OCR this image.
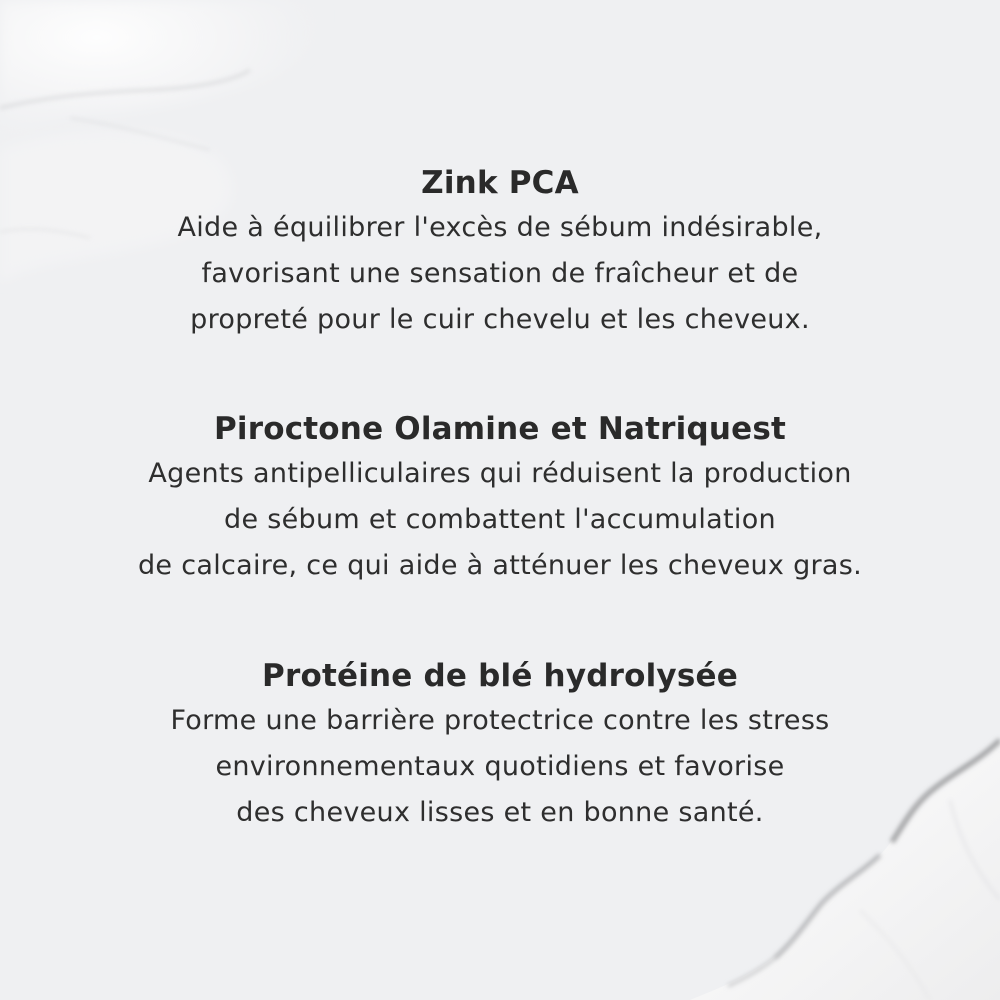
Zink PCA
Aide à équilibrer l'excès de sébum indésirable,
favorisant une sensation de fraîcheur et de
propreté pour le cuir chevelu et les cheveux.
Piroctone Olamine et Natriquest
Agents antipelliculaires qui réduisent la production
de sébum et combattent l'accumulation
de calcaire, ce qui aide à atténuer les cheveux gras.
Protéine de blé hydrolysée
Forme une barrière protectrice contre les stress
environnementaux quotidiens et favorise
des cheveux lisses et en bonne santé.
